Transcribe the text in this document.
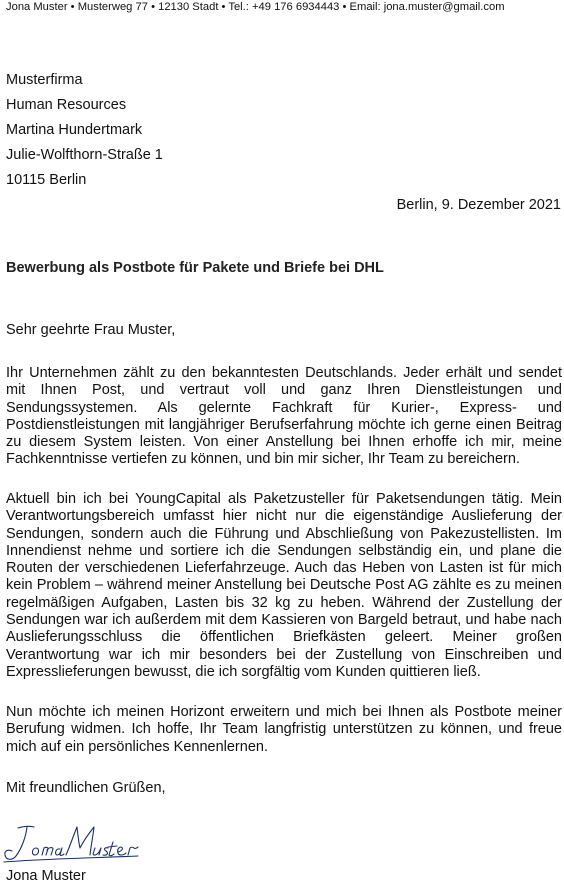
Jona Muster • Musterweg 77 • 12130 Stadt • Tel.: +49 176 6934443 • Email: jona.muster@gmail.com
Musterfirma
Human Resources
Martina Hundertmark
Julie-Wolfthorn-Straße 1
10115 Berlin
Berlin, 9. Dezember 2021
Bewerbung als Postbote für Pakete und Briefe bei DHL
Sehr geehrte Frau Muster,
Ihr Unternehmen zählt zu den bekanntesten Deutschlands. Jeder erhält und sendet mit Ihnen Post, und vertraut voll und ganz Ihren Dienstleistungen und Sendungssystemen. Als gelernte Fachkraft für Kurier-, Express- und Postdienstleistungen mit langjähriger Berufserfahrung möchte ich gerne einen Beitrag zu diesem System leisten. Von einer Anstellung bei Ihnen erhoffe ich mir, meine Fachkenntnisse vertiefen zu können, und bin mir sicher, Ihr Team zu bereichern.
Aktuell bin ich bei YoungCapital als Paketzusteller für Paketsendungen tätig. Mein Verantwortungsbereich umfasst hier nicht nur die eigenständige Auslieferung der Sendungen, sondern auch die Führung und Abschließung von Pakezustellisten. Im Innendienst nehme und sortiere ich die Sendungen selbständig ein, und plane die Routen der verschiedenen Lieferfahrzeuge. Auch das Heben von Lasten ist für mich kein Problem – während meiner Anstellung bei Deutsche Post AG zählte es zu meinen regelmäßigen Aufgaben, Lasten bis 32 kg zu heben. Während der Zustellung der Sendungen war ich außerdem mit dem Kassieren von Bargeld betraut, und habe nach Auslieferungsschluss die öffentlichen Briefkästen geleert. Meiner großen Verantwortung war ich mir besonders bei der Zustellung von Einschreiben und Expresslieferungen bewusst, die ich sorgfältig vom Kunden quittieren ließ.
Nun möchte ich meinen Horizont erweitern und mich bei Ihnen als Postbote meiner Berufung widmen. Ich hoffe, Ihr Team langfristig unterstützen zu können, und freue mich auf ein persönliches Kennenlernen.
Mit freundlichen Grüßen,
Jona Muster
